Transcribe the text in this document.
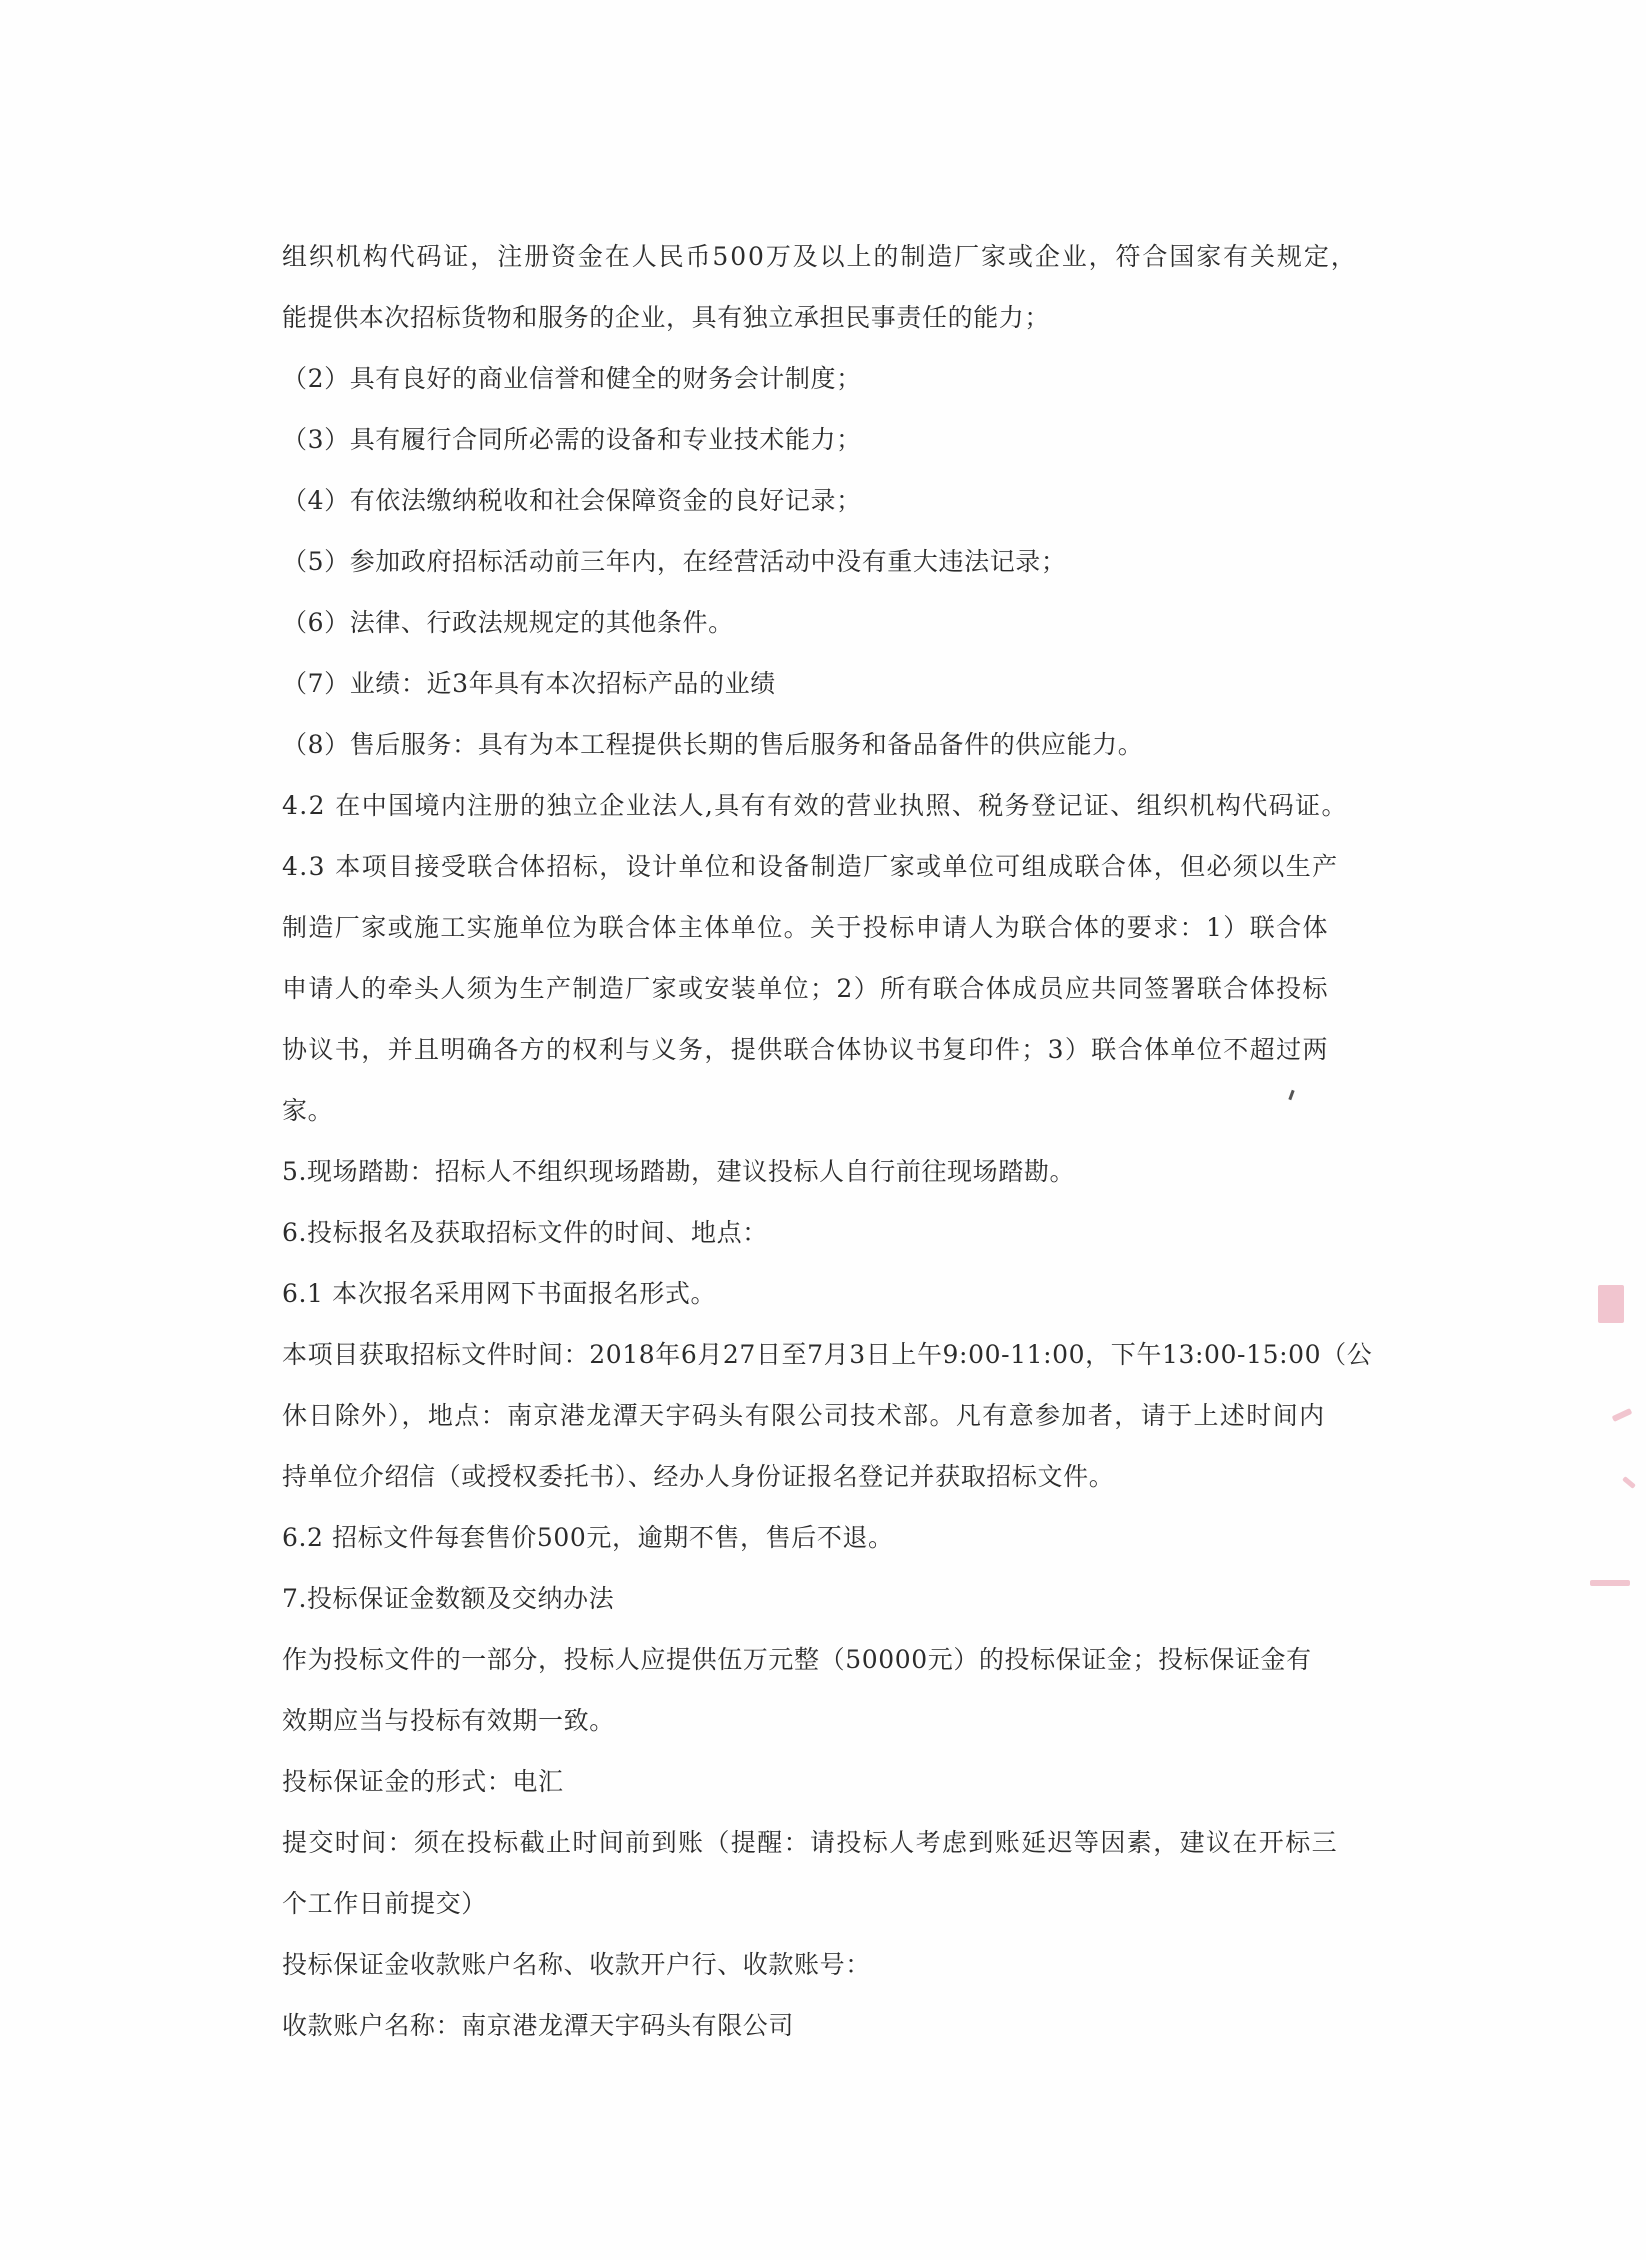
组织机构代码证，注册资金在人民币500万及以上的制造厂家或企业，符合国家有关规定，
能提供本次招标货物和服务的企业，具有独立承担民事责任的能力；
（2）具有良好的商业信誉和健全的财务会计制度；
（3）具有履行合同所必需的设备和专业技术能力；
（4）有依法缴纳税收和社会保障资金的良好记录；
（5）参加政府招标活动前三年内，在经营活动中没有重大违法记录；
（6）法律、行政法规规定的其他条件。
（7）业绩：近3年具有本次招标产品的业绩
（8）售后服务：具有为本工程提供长期的售后服务和备品备件的供应能力。
4.2 在中国境内注册的独立企业法人,具有有效的营业执照、税务登记证、组织机构代码证。
4.3 本项目接受联合体招标，设计单位和设备制造厂家或单位可组成联合体，但必须以生产
制造厂家或施工实施单位为联合体主体单位。关于投标申请人为联合体的要求：1）联合体
申请人的牵头人须为生产制造厂家或安装单位；2）所有联合体成员应共同签署联合体投标
协议书，并且明确各方的权利与义务，提供联合体协议书复印件；3）联合体单位不超过两
家。
5.现场踏勘：招标人不组织现场踏勘，建议投标人自行前往现场踏勘。
6.投标报名及获取招标文件的时间、地点：
6.1 本次报名采用网下书面报名形式。
本项目获取招标文件时间：2018年6月27日至7月3日上午9:00-11:00，下午13:00-15:00（公
休日除外），地点：南京港龙潭天宇码头有限公司技术部。凡有意参加者，请于上述时间内
持单位介绍信（或授权委托书）、经办人身份证报名登记并获取招标文件。
6.2 招标文件每套售价500元，逾期不售，售后不退。
7.投标保证金数额及交纳办法
作为投标文件的一部分，投标人应提供伍万元整（50000元）的投标保证金；投标保证金有
效期应当与投标有效期一致。
投标保证金的形式：电汇
提交时间：须在投标截止时间前到账（提醒：请投标人考虑到账延迟等因素，建议在开标三
个工作日前提交）
投标保证金收款账户名称、收款开户行、收款账号：
收款账户名称：南京港龙潭天宇码头有限公司
